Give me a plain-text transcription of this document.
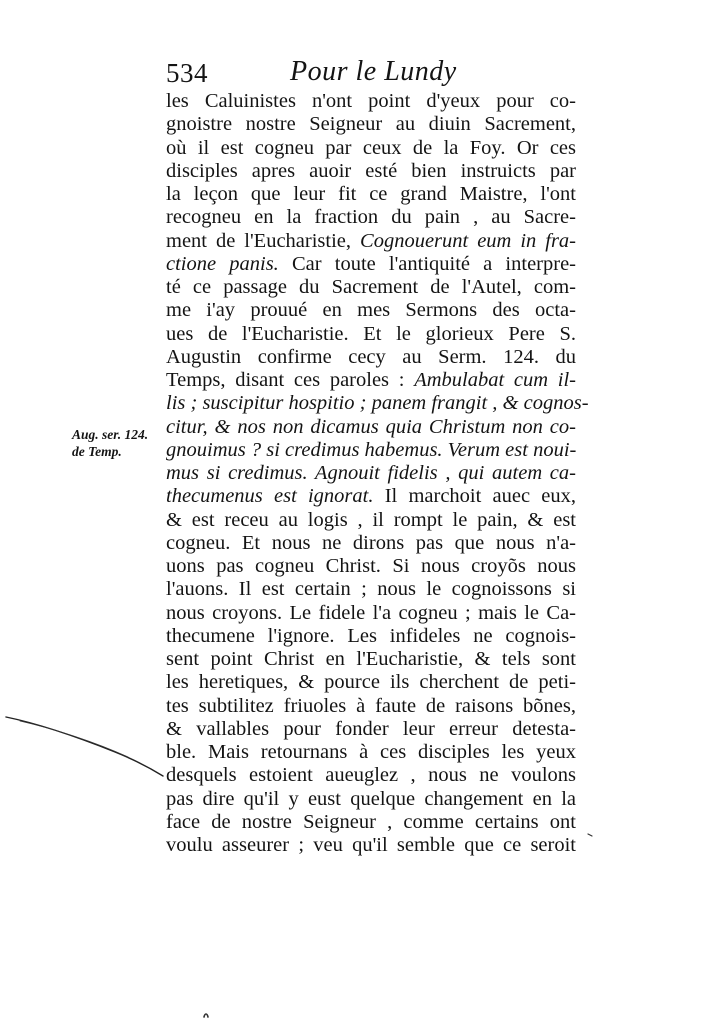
534	Pour le Lundy
Aug. ser. 124.
de Temp.
les Caluinistes n'ont point d'yeux pour co-
gnoistre nostre Seigneur au diuin Sacrement,
où il est cogneu par ceux de la Foy. Or ces
disciples apres auoir esté bien instruicts par
la leçon que leur fit ce grand Maistre, l'ont
recogneu en la fraction du pain , au Sacre-
ment de l'Eucharistie, Cognouerunt eum in fra-
ctione panis. Car toute l'antiquité a interpre-
té ce passage du Sacrement de l'Autel, com-
me i'ay prouué en mes Sermons des octa-
ues de l'Eucharistie. Et le glorieux Pere S.
Augustin confirme cecy au Serm. 124. du
Temps, disant ces paroles : Ambulabat cum il-
lis ; suscipitur hospitio ; panem frangit , & cognos-
citur, & nos non dicamus quia Christum non co-
gnouimus ? si credimus habemus. Verum est noui-
mus si credimus. Agnouit fidelis , qui autem ca-
thecumenus est ignorat. Il marchoit auec eux,
& est receu au logis , il rompt le pain, & est
cogneu. Et nous ne dirons pas que nous n'a-
uons pas cogneu Christ. Si nous croyõs nous
l'auons. Il est certain ; nous le cognoissons si
nous croyons. Le fidele l'a cogneu ; mais le Ca-
thecumene l'ignore. Les infideles ne cognois-
sent point Christ en l'Eucharistie, & tels sont
les heretiques, & pource ils cherchent de peti-
tes subtilitez friuoles à faute de raisons bõnes,
& vallables pour fonder leur erreur detesta-
ble. Mais retournans à ces disciples les yeux
desquels estoient aueuglez , nous ne voulons
pas dire qu'il y eust quelque changement en la
face de nostre Seigneur , comme certains ont
voulu asseurer ; veu qu'il semble que ce seroit
